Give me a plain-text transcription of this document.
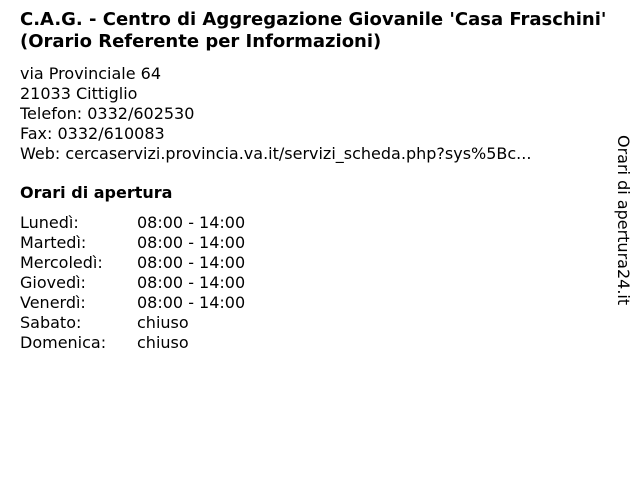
C.A.G. - Centro di Aggregazione Giovanile 'Casa Fraschini' (Orario Referente per Informazioni)
via Provinciale 64
21033 Cittiglio
Telefon: 0332/602530
Fax: 0332/610083
Web: cercaservizi.provincia.va.it/servizi_scheda.php?sys%5Bc...
Orari di apertura
Lunedì:	08:00 - 14:00
Martedì:	08:00 - 14:00
Mercoledì:	08:00 - 14:00
Giovedì:	08:00 - 14:00
Venerdì:	08:00 - 14:00
Sabato:	chiuso
Domenica:	chiuso
Orari di apertura24.it
